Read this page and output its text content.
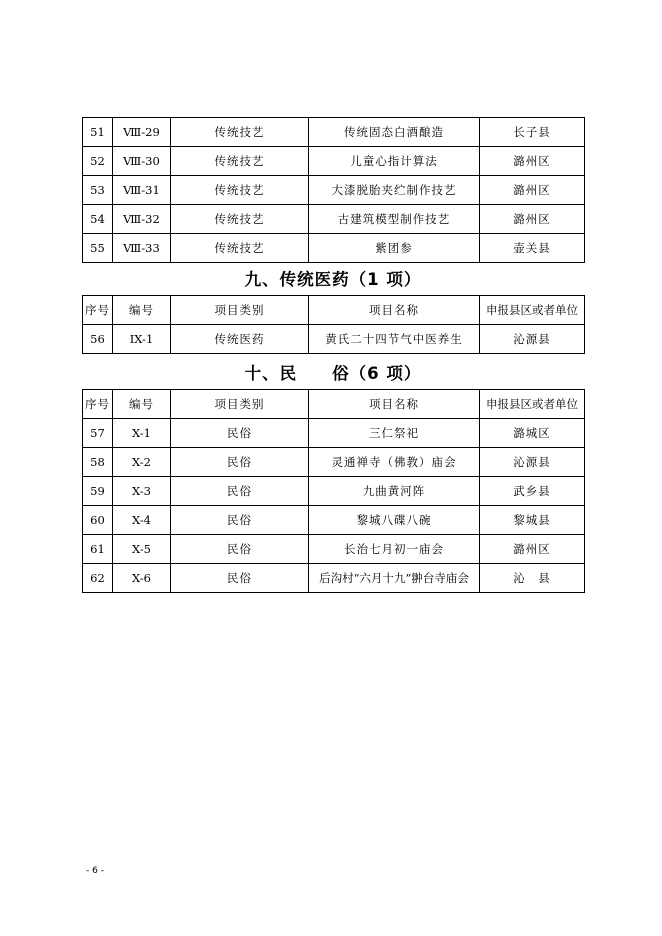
51	Ⅷ-29	传统技艺	传统固态白酒酿造	长子县
52	Ⅷ-30	传统技艺	儿童心指计算法	潞州区
53	Ⅷ-31	传统技艺	大漆脱胎夹纻制作技艺	潞州区
54	Ⅷ-32	传统技艺	古建筑模型制作技艺	潞州区
55	Ⅷ-33	传统技艺	紫团参	壶关县
九、传统医药（1 项）
序号	编号	项目类别	项目名称	申报县区或者单位
56	IX-1	传统医药	黄氏二十四节气中医养生	沁源县
十、民　　俗（6 项）
序号	编号	项目类别	项目名称	申报县区或者单位
57	X-1	民俗	三仁祭祀	潞城区
58	X-2	民俗	灵通禅寺（佛教）庙会	沁源县
59	X-3	民俗	九曲黄河阵	武乡县
60	X-4	民俗	黎城八碟八碗	黎城县
61	X-5	民俗	长治七月初一庙会	潞州区
62	X-6	民俗	后沟村“六月十九”翀台寺庙会	沁　县
- 6 -
